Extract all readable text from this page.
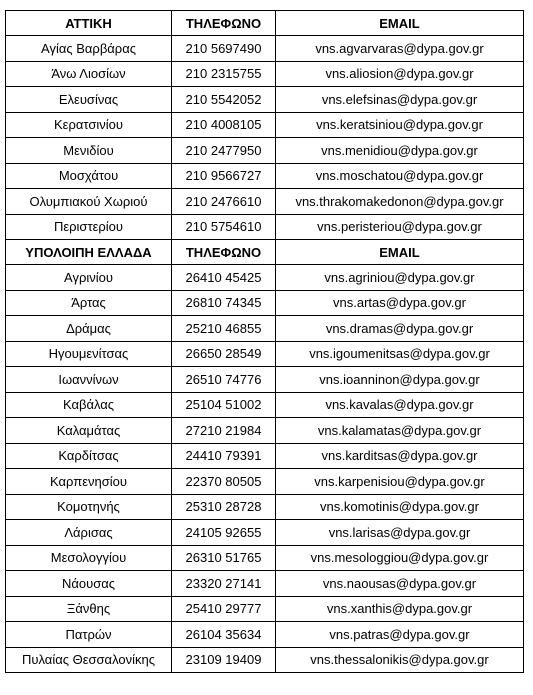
ΑΤΤΙΚΗ	ΤΗΛΕΦΩΝΟ	EMAIL
Αγίας Βαρβάρας	210 5697490	vns.agvarvaras@dypa.gov.gr
Άνω Λιοσίων	210 2315755	vns.aliosion@dypa.gov.gr
Ελευσίνας	210 5542052	vns.elefsinas@dypa.gov.gr
Κερατσινίου	210 4008105	vns.keratsiniou@dypa.gov.gr
Μενιδίου	210 2477950	vns.menidiou@dypa.gov.gr
Μοσχάτου	210 9566727	vns.moschatou@dypa.gov.gr
Ολυμπιακού Χωριού	210 2476610	vns.thrakomakedonon@dypa.gov.gr
Περιστερίου	210 5754610	vns.peristeriou@dypa.gov.gr
ΥΠΟΛΟΙΠΗ ΕΛΛΑΔΑ	ΤΗΛΕΦΩΝΟ	EMAIL
Αγρινίου	26410 45425	vns.agriniou@dypa.gov.gr
Άρτας	26810 74345	vns.artas@dypa.gov.gr
Δράμας	25210 46855	vns.dramas@dypa.gov.gr
Ηγουμενίτσας	26650 28549	vns.igoumenitsas@dypa.gov.gr
Ιωαννίνων	26510 74776	vns.ioanninon@dypa.gov.gr
Καβάλας	25104 51002	vns.kavalas@dypa.gov.gr
Καλαμάτας	27210 21984	vns.kalamatas@dypa.gov.gr
Καρδίτσας	24410 79391	vns.karditsas@dypa.gov.gr
Καρπενησίου	22370 80505	vns.karpenisiou@dypa.gov.gr
Κομοτηνής	25310 28728	vns.komotinis@dypa.gov.gr
Λάρισας	24105 92655	vns.larisas@dypa.gov.gr
Μεσολογγίου	26310 51765	vns.mesologgiou@dypa.gov.gr
Νάουσας	23320 27141	vns.naousas@dypa.gov.gr
Ξάνθης	25410 29777	vns.xanthis@dypa.gov.gr
Πατρών	26104 35634	vns.patras@dypa.gov.gr
Πυλαίας Θεσσαλονίκης	23109 19409	vns.thessalonikis@dypa.gov.gr
